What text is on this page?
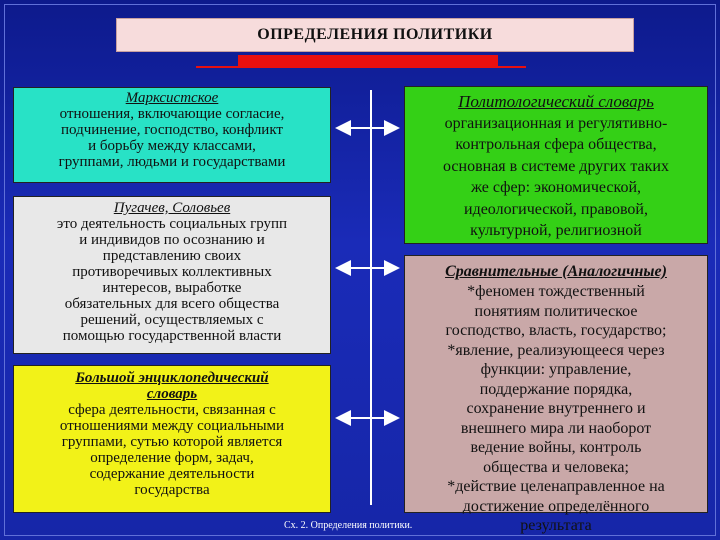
ОПРЕДЕЛЕНИЯ ПОЛИТИКИ
Марксистское
отношения, включающие согласие,
подчинение, господство, конфликт
и борьбу между классами,
группами, людьми и государствами
Пугачев, Соловьев
это деятельность социальных групп
и индивидов по осознанию и
представлению своих
противоречивых коллективных
интересов, выработке
обязательных для всего общества
решений, осуществляемых с
помощью государственной власти
Большой энциклопедический
словарь
сфера деятельности, связанная с
отношениями между социальными
группами, сутью которой является
определение форм, задач,
содержание деятельности
государства
Политологический словарь
организационная и регулятивно-
контрольная сфера общества,
основная в системе других таких
же сфер: экономической,
идеологической, правовой,
культурной, религиозной
Сравнительные (Аналогичные)
*феномен тождественный
понятиям политическое
господство, власть, государство;
*явление, реализующееся через
функции: управление,
поддержание порядка,
сохранение внутреннего и
внешнего мира ли наоборот
ведение войны, контроль
общества и человека;
*действие целенаправленное на
достижение определённого
результата
Сх. 2. Определения политики.
